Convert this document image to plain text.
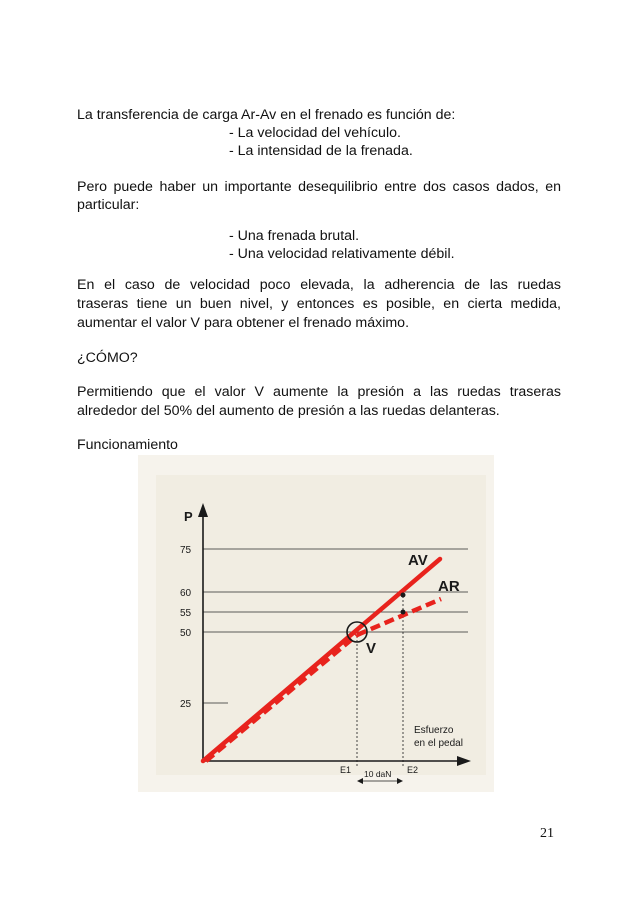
La transferencia de carga Ar-Av en el frenado es función de:

- La velocidad del vehículo.

- La intensidad de la frenada.

Pero puede haber un importante desequilibrio entre dos casos dados, en

particular:

- Una frenada brutal.

- Una velocidad relativamente débil.

En el caso de velocidad poco elevada, la adherencia de las ruedas

traseras tiene un buen nivel, y entonces es posible, en cierta medida,

aumentar el valor V para obtener el frenado máximo.

¿CÓMO?

Permitiendo que el valor V aumente la presión a las ruedas traseras

alrededor del 50% del aumento de presión a las ruedas delanteras.

Funcionamiento

P
75
60
55
50
25
E1	E2
10 daN
Esfuerzo
en el pedal
AV
AR
V
21
